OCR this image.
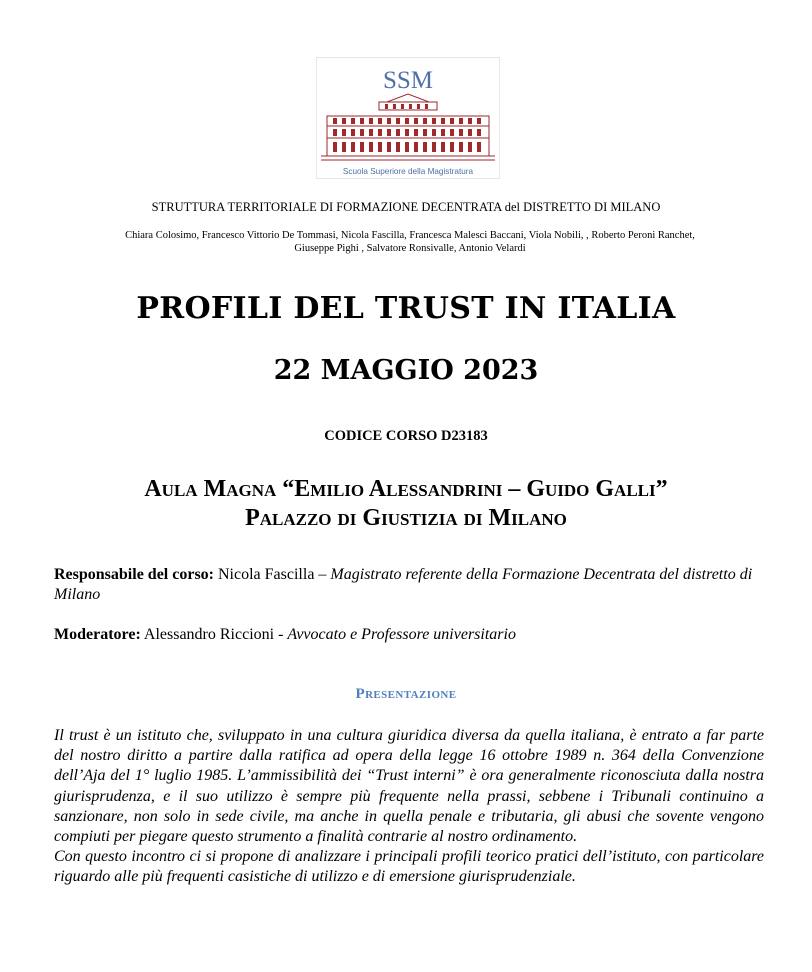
SSM
Scuola Superiore della Magistratura
STRUTTURA TERRITORIALE DI FORMAZIONE DECENTRATA del DISTRETTO DI MILANO
Chiara Colosimo, Francesco Vittorio De Tommasi, Nicola Fascilla, Francesca Malesci Baccani, Viola Nobili, , Roberto Peroni Ranchet,
Giuseppe Pighi , Salvatore Ronsivalle, Antonio Velardi
PROFILI DEL TRUST IN ITALIA
22 MAGGIO 2023
CODICE CORSO D23183
Aula Magna “Emilio Alessandrini – Guido Galli”
Palazzo di Giustizia di Milano
Responsabile del corso: Nicola Fascilla – Magistrato referente della Formazione Decentrata del distretto di Milano
Moderatore: Alessandro Riccioni - Avvocato e Professore universitario
Presentazione

Il trust è un istituto che, sviluppato in una cultura giuridica diversa da quella italiana, è entrato a far parte del nostro diritto a partire dalla ratifica ad opera della legge 16 ottobre 1989 n. 364 della Convenzione dell’Aja del 1° luglio 1985. L’ammissibilità dei “Trust interni” è ora generalmente riconosciuta dalla nostra giurisprudenza, e il suo utilizzo è sempre più frequente nella prassi, sebbene i Tribunali continuino a sanzionare, non solo in sede civile, ma anche in quella penale e tributaria, gli abusi che sovente vengono compiuti per piegare questo strumento a finalità contrarie al nostro ordinamento.

Con questo incontro ci si propone di analizzare i principali profili teorico pratici dell’istituto, con particolare riguardo alle più frequenti casistiche di utilizzo e di emersione giurisprudenziale.
